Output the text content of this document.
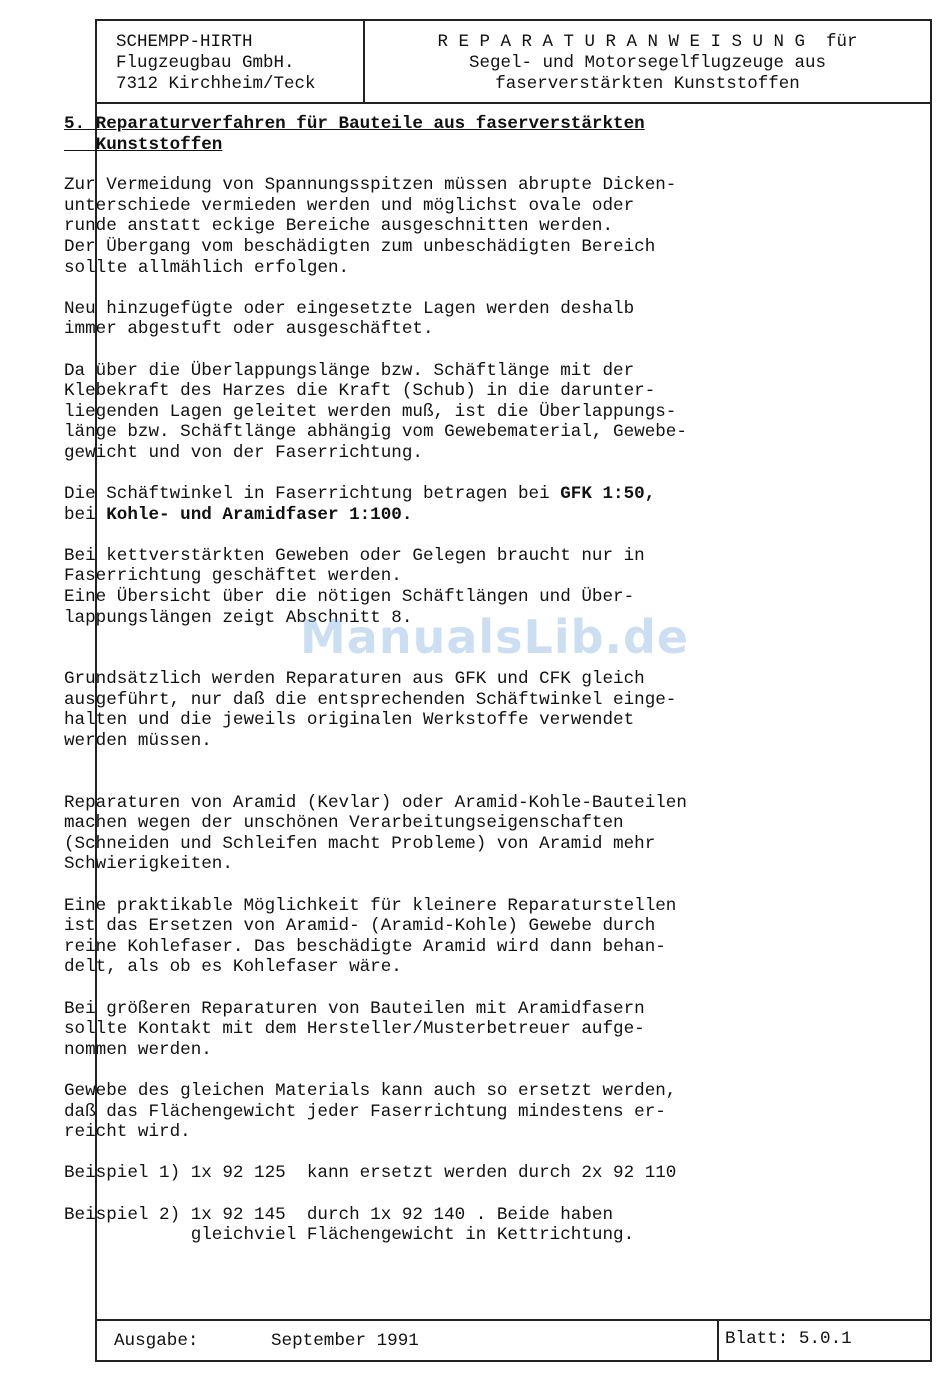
SCHEMPP-HIRTH
Flugzeugbau GmbH.
7312 Kirchheim/Teck
R E P A R A T U R A N W E I S U N G  für
Segel- und Motorsegelflugzeuge aus
faserverstärkten Kunststoffen
Ausgabe:	September 1991	Blatt: 5.0.1
5. Reparaturverfahren für Bauteile aus faserverstärkten
Kunststoffen
Zur Vermeidung von Spannungsspitzen müssen abrupte Dicken-
unterschiede vermieden werden und möglichst ovale oder
runde anstatt eckige Bereiche ausgeschnitten werden.
Der Übergang vom beschädigten zum unbeschädigten Bereich
sollte allmählich erfolgen.
Neu hinzugefügte oder eingesetzte Lagen werden deshalb
immer abgestuft oder ausgeschäftet.
Da über die Überlappungslänge bzw. Schäftlänge mit der
Klebekraft des Harzes die Kraft (Schub) in die darunter-
liegenden Lagen geleitet werden muß, ist die Überlappungs-
länge bzw. Schäftlänge abhängig vom Gewebematerial, Gewebe-
gewicht und von der Faserrichtung.
Die Schäftwinkel in Faserrichtung betragen bei GFK 1:50,
bei Kohle- und Aramidfaser 1:100.
Bei kettverstärkten Geweben oder Gelegen braucht nur in
Faserrichtung geschäftet werden.
Eine Übersicht über die nötigen Schäftlängen und Über-
lappungslängen zeigt Abschnitt 8.
Grundsätzlich werden Reparaturen aus GFK und CFK gleich
ausgeführt, nur daß die entsprechenden Schäftwinkel einge-
halten und die jeweils originalen Werkstoffe verwendet
werden müssen.
Reparaturen von Aramid (Kevlar) oder Aramid-Kohle-Bauteilen
machen wegen der unschönen Verarbeitungseigenschaften
(Schneiden und Schleifen macht Probleme) von Aramid mehr
Schwierigkeiten.
Eine praktikable Möglichkeit für kleinere Reparaturstellen
ist das Ersetzen von Aramid- (Aramid-Kohle) Gewebe durch
reine Kohlefaser. Das beschädigte Aramid wird dann behan-
delt, als ob es Kohlefaser wäre.
Bei größeren Reparaturen von Bauteilen mit Aramidfasern
sollte Kontakt mit dem Hersteller/Musterbetreuer aufge-
nommen werden.
Gewebe des gleichen Materials kann auch so ersetzt werden,
daß das Flächengewicht jeder Faserrichtung mindestens er-
reicht wird.
Beispiel 1) 1x 92 125  kann ersetzt werden durch 2x 92 110
Beispiel 2) 1x 92 145  durch 1x 92 140 . Beide haben
gleichviel Flächengewicht in Kettrichtung.
ManualsLib.de
